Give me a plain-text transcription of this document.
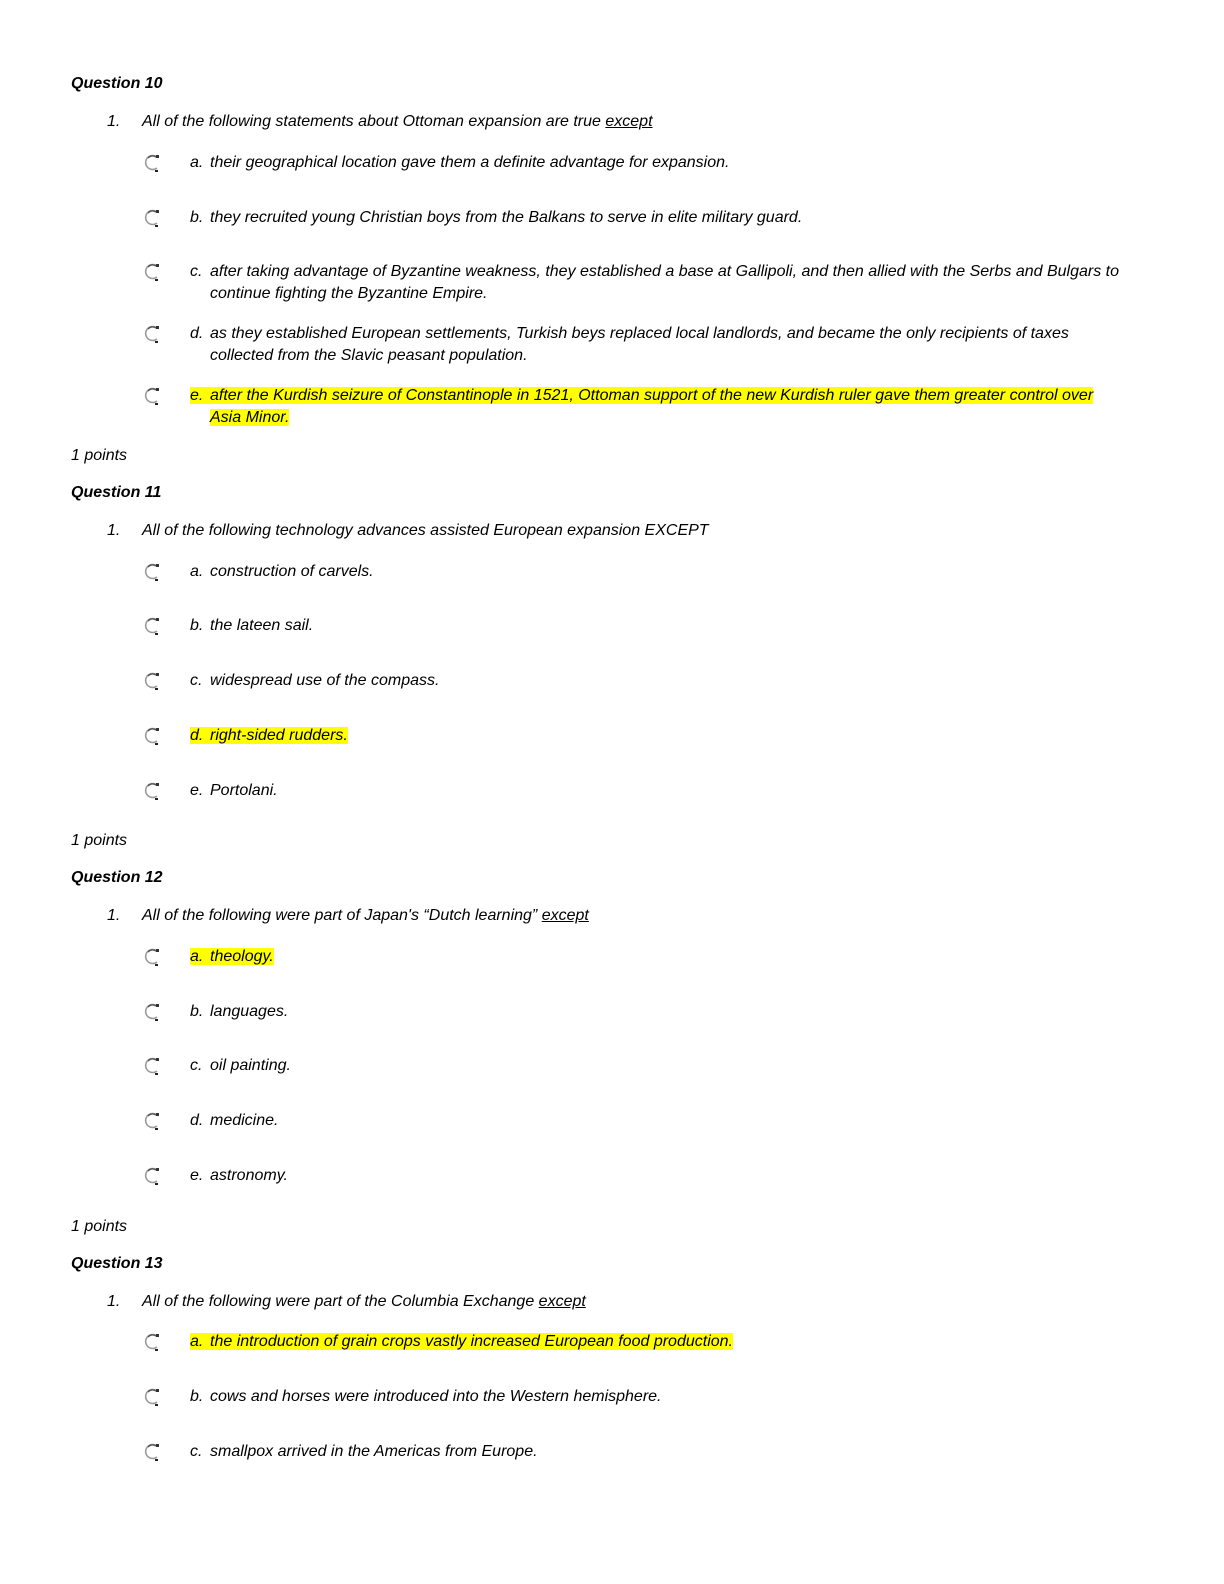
Question 10
1. All of the following statements about Ottoman expansion are true except
a. their geographical location gave them a definite advantage for expansion.
b. they recruited young Christian boys from the Balkans to serve in elite military guard.
c. after taking advantage of Byzantine weakness, they established a base at Gallipoli, and then allied with the Serbs and Bulgars to
continue fighting the Byzantine Empire.
d. as they established European settlements, Turkish beys replaced local landlords, and became the only recipients of taxes
collected from the Slavic peasant population.
e. after the Kurdish seizure of Constantinople in 1521, Ottoman support of the new Kurdish ruler gave them greater control over
Asia Minor.
1 points
Question 11
1. All of the following technology advances assisted European expansion EXCEPT
a. construction of carvels.
b. the lateen sail.
c. widespread use of the compass.
d. right-sided rudders.
e. Portolani.
1 points
Question 12
1. All of the following were part of Japan's “Dutch learning” except
a. theology.
b. languages.
c. oil painting.
d. medicine.
e. astronomy.
1 points
Question 13
1. All of the following were part of the Columbia Exchange except
a. the introduction of grain crops vastly increased European food production.
b. cows and horses were introduced into the Western hemisphere.
c. smallpox arrived in the Americas from Europe.
